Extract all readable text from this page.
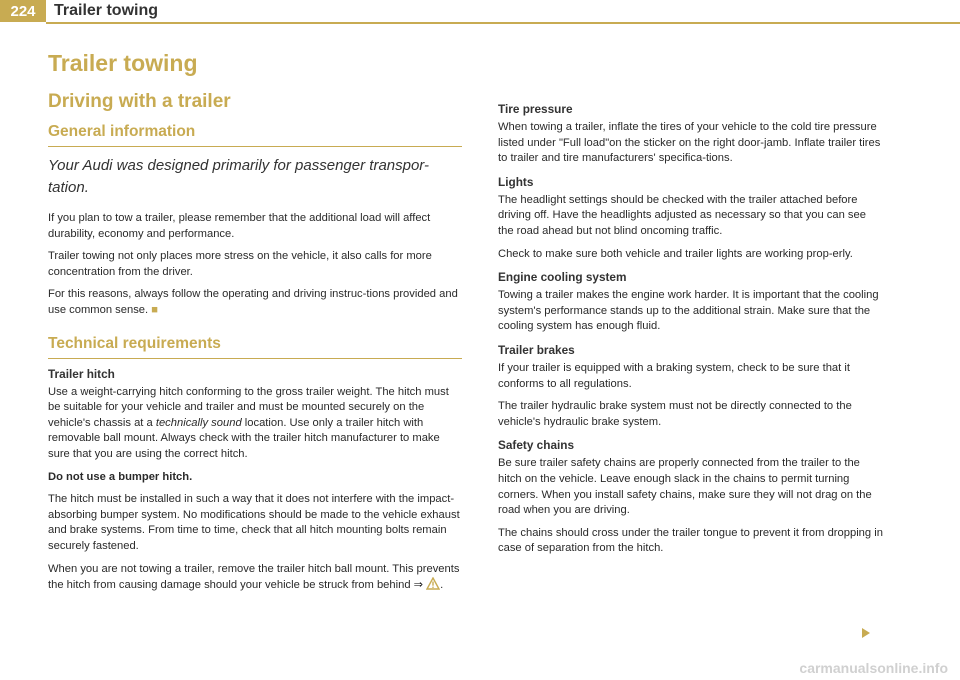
224	Trailer towing
Trailer towing
Driving with a trailer
General information
Your Audi was designed primarily for passenger transpor-tation.

If you plan to tow a trailer, please remember that the additional load will affect durability, economy and performance.

Trailer towing not only places more stress on the vehicle, it also calls for more concentration from the driver.

For this reasons, always follow the operating and driving instruc-tions provided and use common sense. ■

Technical requirements
Trailer hitch

Use a weight-carrying hitch conforming to the gross trailer weight. The hitch must be suitable for your vehicle and trailer and must be mounted securely on the vehicle's chassis at a technically sound location. Use only a trailer hitch with removable ball mount. Always check with the trailer hitch manufacturer to make sure that you are using the correct hitch.

Do not use a bumper hitch.

The hitch must be installed in such a way that it does not interfere with the impact-absorbing bumper system. No modifications should be made to the vehicle exhaust and brake systems. From time to time, check that all hitch mounting bolts remain securely fastened.

When you are not towing a trailer, remove the trailer hitch ball mount. This prevents the hitch from causing damage should your vehicle be struck from behind ⇒ .

Tire pressure

When towing a trailer, inflate the tires of your vehicle to the cold tire pressure listed under "Full load"on the sticker on the right door-jamb. Inflate trailer tires to trailer and tire manufacturers' specifica-tions.

Lights

The headlight settings should be checked with the trailer attached before driving off. Have the headlights adjusted as necessary so that you can see the road ahead but not blind oncoming traffic.

Check to make sure both vehicle and trailer lights are working prop-erly.

Engine cooling system

Towing a trailer makes the engine work harder. It is important that the cooling system's performance stands up to the additional strain. Make sure that the cooling system has enough fluid.

Trailer brakes

If your trailer is equipped with a braking system, check to be sure that it conforms to all regulations.

The trailer hydraulic brake system must not be directly connected to the vehicle's hydraulic brake system.

Safety chains

Be sure trailer safety chains are properly connected from the trailer to the hitch on the vehicle. Leave enough slack in the chains to permit turning corners. When you install safety chains, make sure they will not drag on the road when you are driving.

The chains should cross under the trailer tongue to prevent it from dropping in case of separation from the hitch.

carmanualsonline.info
